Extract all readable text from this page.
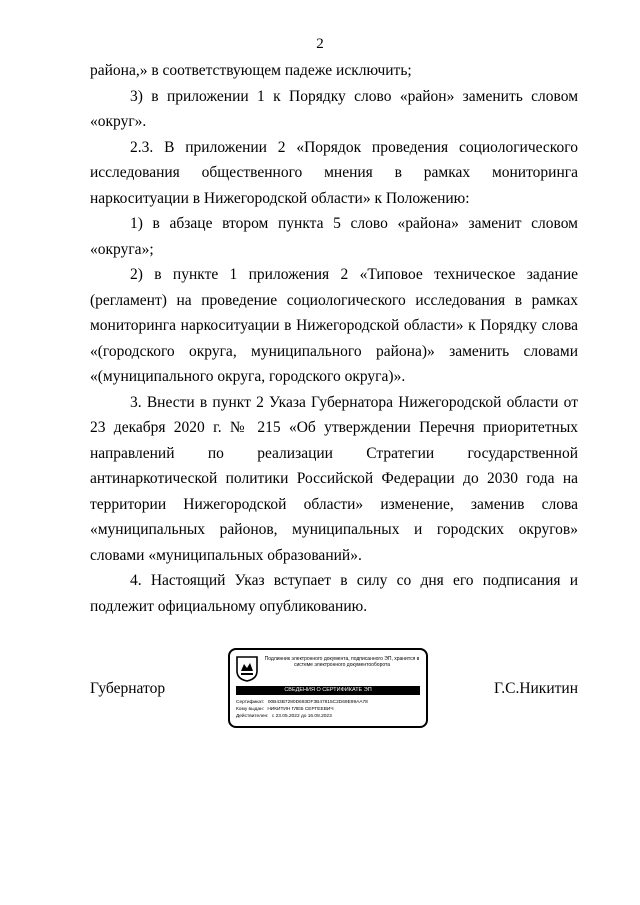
2

района,» в соответствующем падеже исключить;

3) в приложении 1 к Порядку слово «район» заменить словом «округ».

2.3. В приложении 2 «Порядок проведения социологического исследования общественного мнения в рамках мониторинга наркоситуации в Нижегородской области» к Положению:

1) в абзаце втором пункта 5 слово «района» заменит словом «округа»;

2) в пункте 1 приложения 2 «Типовое техническое задание (регламент) на проведение социологического исследования в рамках мониторинга наркоситуации в Нижегородской области» к Порядку слова «(городского округа, муниципального района)» заменить словами «(муниципального округа, городского округа)».

3. Внести в пункт 2 Указа Губернатора Нижегородской области от 23 декабря 2020 г. № 215 «Об утверждении Перечня приоритетных направлений по реализации Стратегии государственной антинаркотической политики Российской Федерации до 2030 года на территории Нижегородской области» изменение, заменив слова «муниципальных районов, муниципальных и городских округов» словами «муниципальных образований».

4. Настоящий Указ вступает в силу со дня его подписания и подлежит официальному опубликованию.

Губернатор
Подлинник электронного документа, подписанного ЭП, хранится в системе электронного документооборота
СВЕДЕНИЯ О СЕРТИФИКАТЕ ЭП
Сертификат: 00B43B7280D693DF3B47815C2D69E99AA78
Кому выдан: НИКИТИН ГЛЕБ СЕРГЕЕВИЧ
Действителен: с 23.05.2022 до 16.08.2023
Г.С.Никитин
